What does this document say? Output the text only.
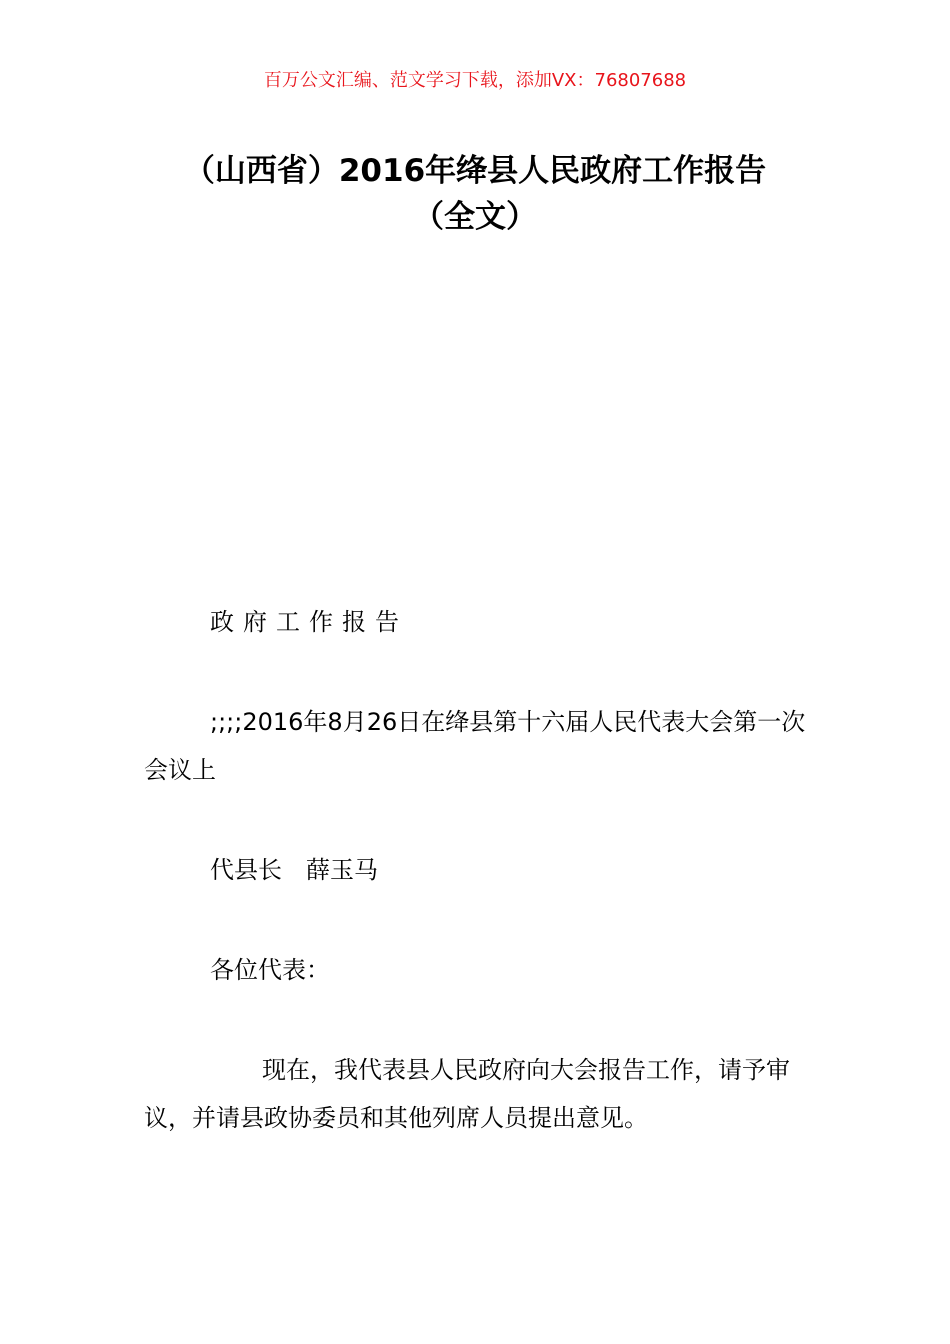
百万公文汇编、范文学习下载，添加VX：76807688
（山西省）2016年绛县人民政府工作报告
（全文）
政府工作报告
;;;;2016年8月26日在绛县第十六届人民代表大会第一次会议上
代县长　薛玉马
各位代表：
现在，我代表县人民政府向大会报告工作，请予审议，并请县政协委员和其他列席人员提出意见。
